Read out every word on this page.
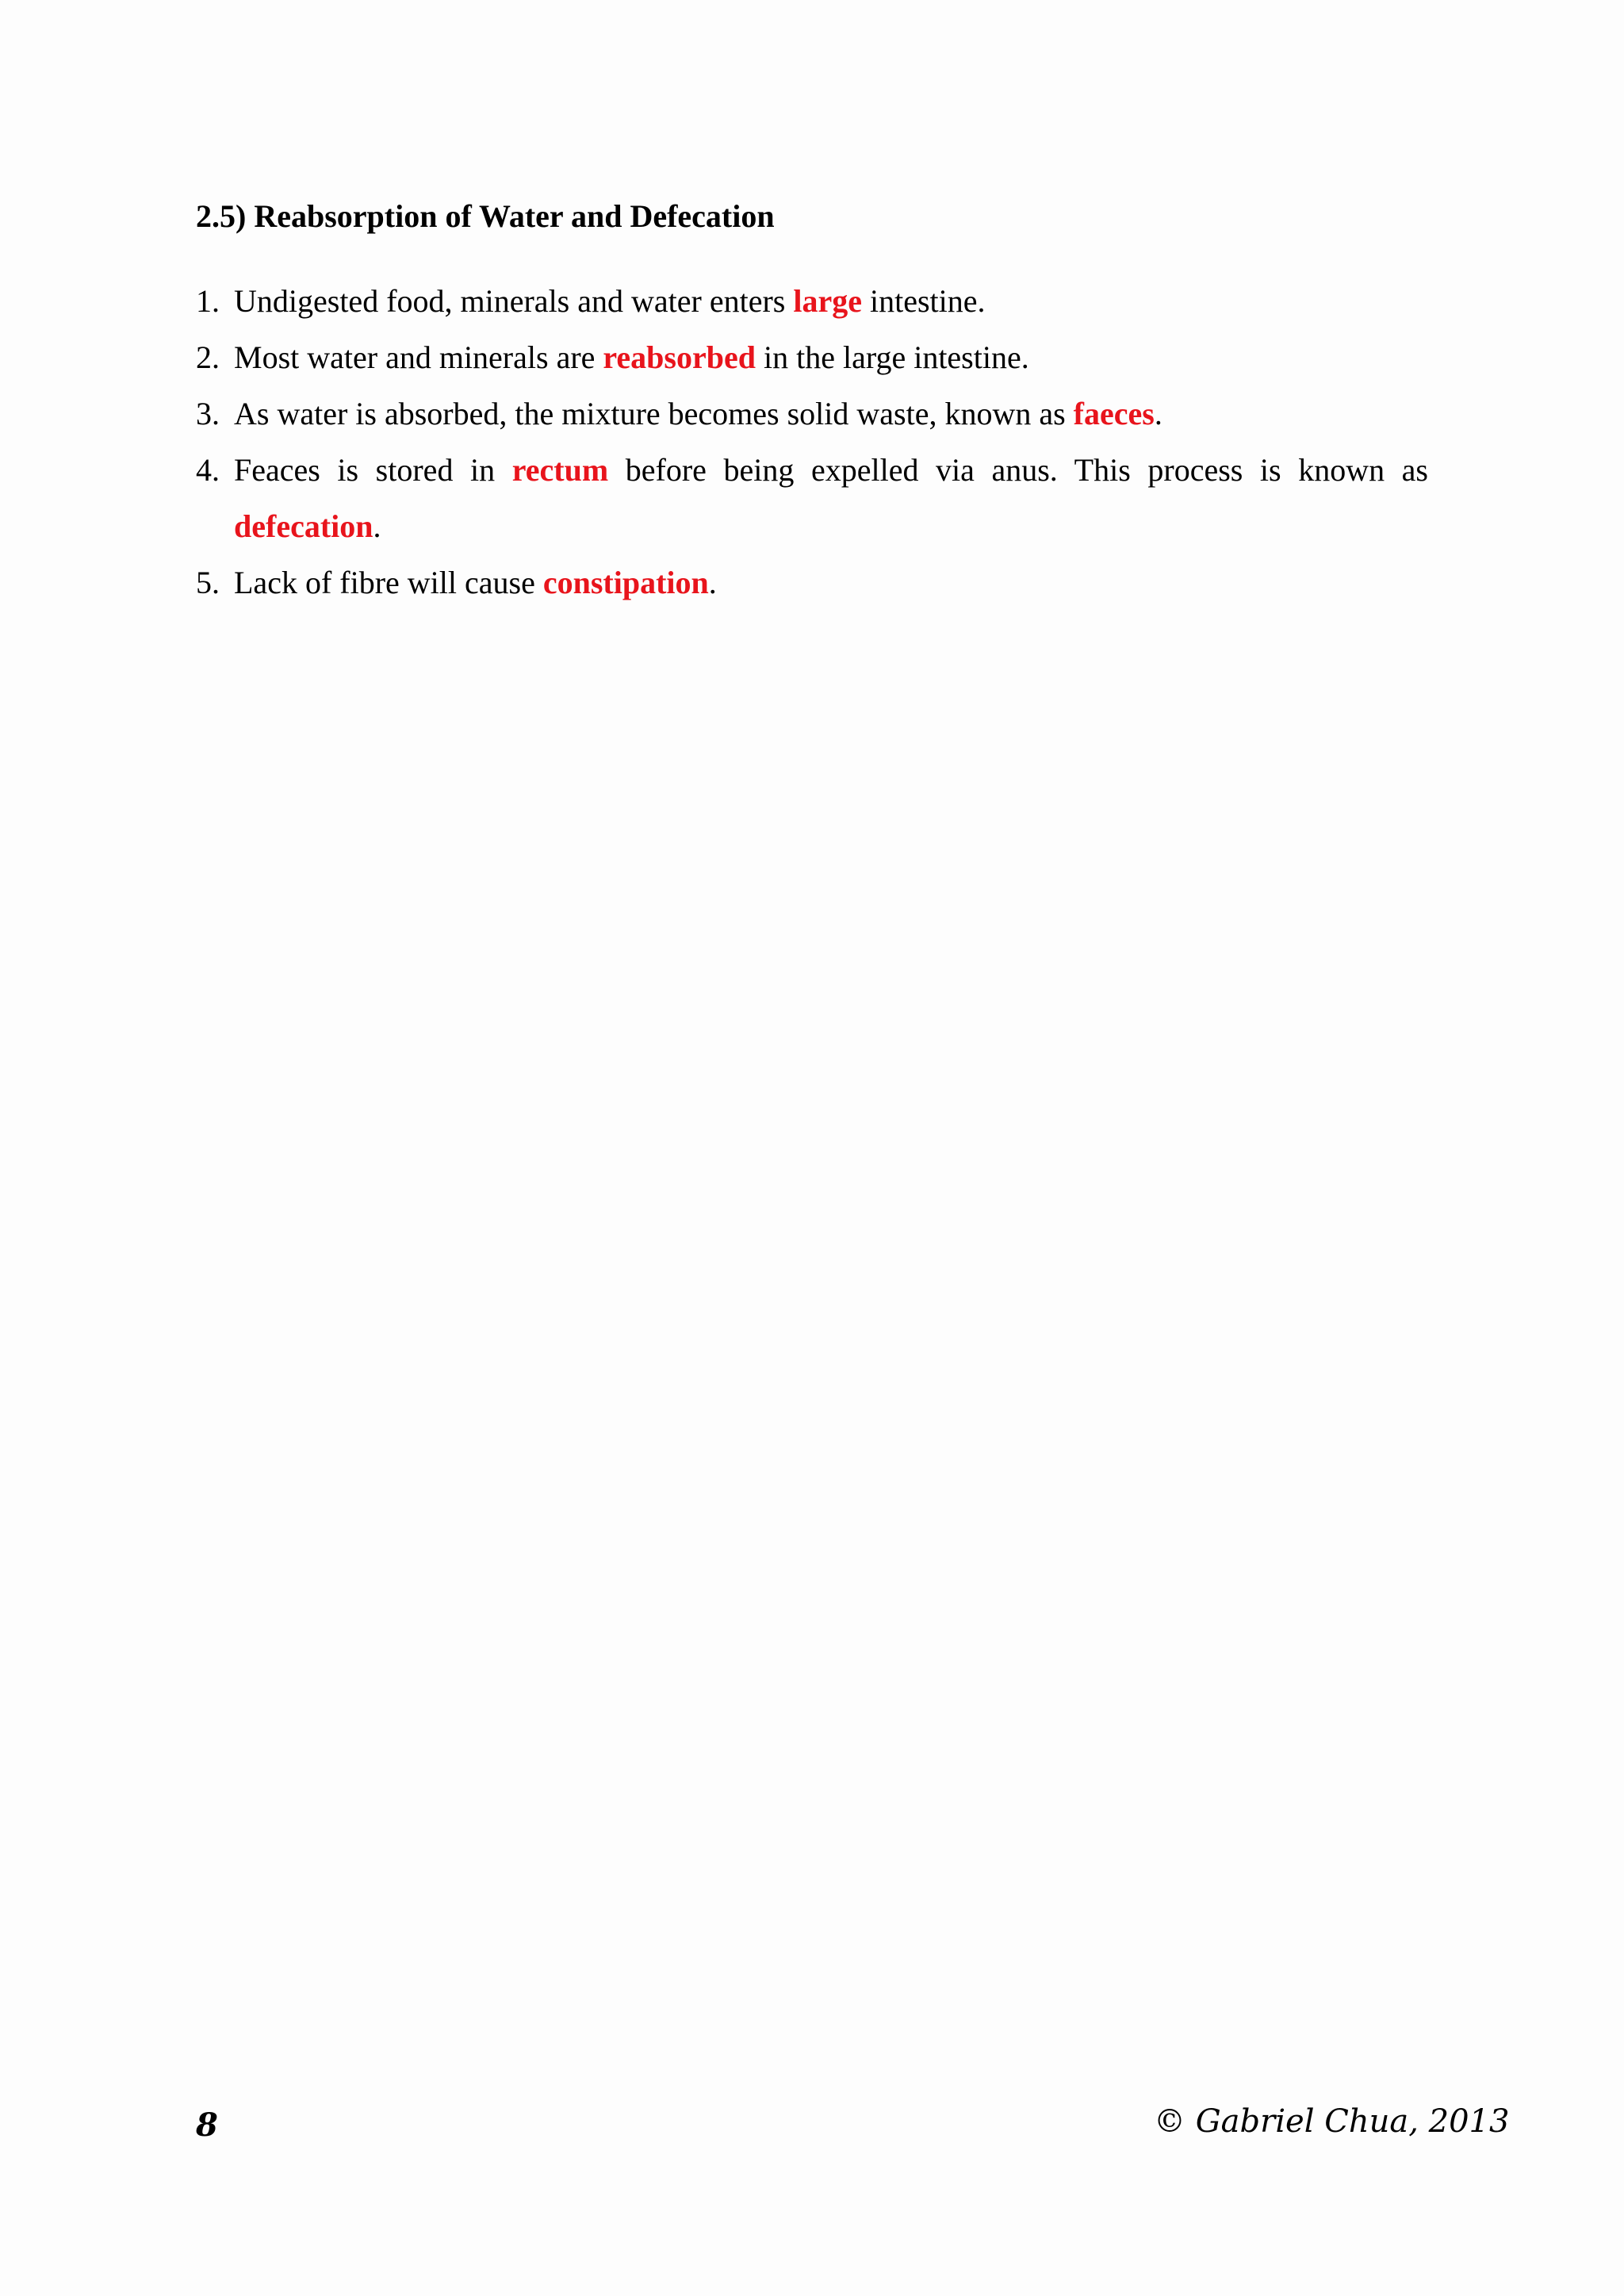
2.5) Reabsorption of Water and Defecation
1. Undigested food, minerals and water enters large intestine.
2. Most water and minerals are reabsorbed in the large intestine.
3. As water is absorbed, the mixture becomes solid waste, known as faeces.
4. Feaces is stored in rectum before being expelled via anus. This process is known as defecation.
5. Lack of fibre will cause constipation.
8	© Gabriel Chua, 2013
